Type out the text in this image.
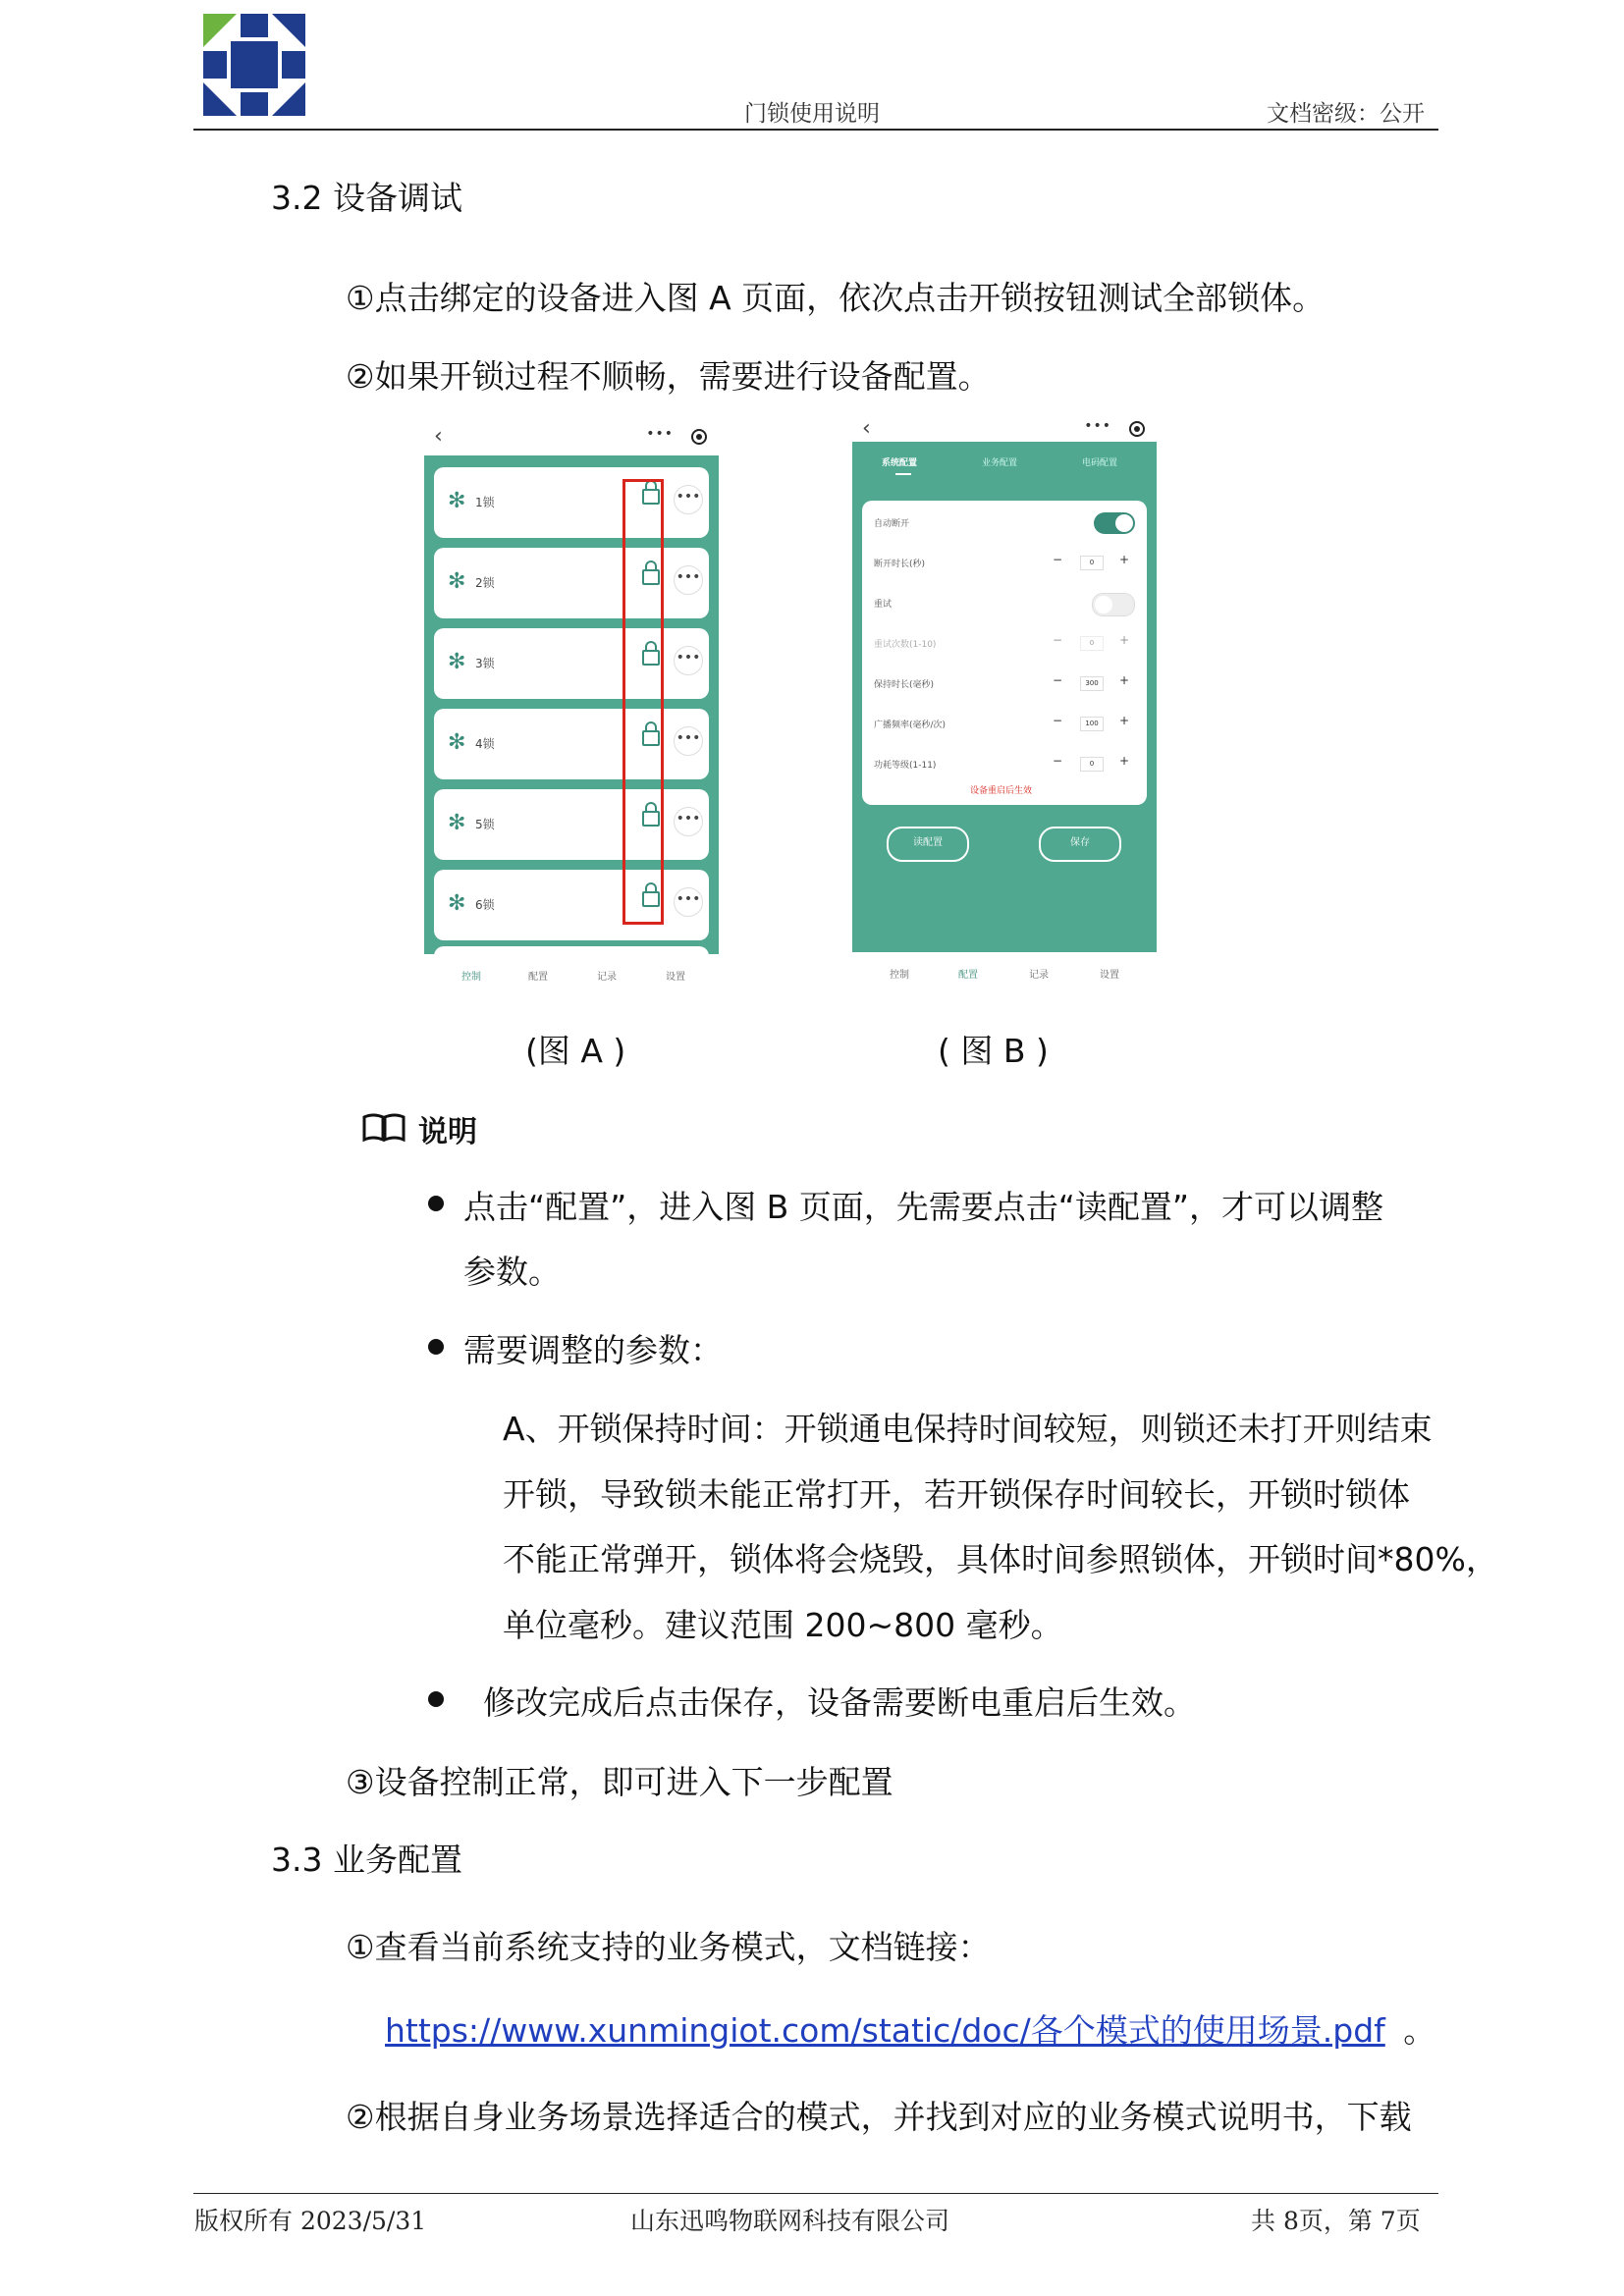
门锁使用说明	文档密级：公开
3.2 设备调试
①点击绑定的设备进入图 A 页面，依次点击开锁按钮测试全部锁体。
②如果开锁过程不顺畅，需要进行设备配置。
‹	•••
✻ 1锁	•••
✻ 2锁	•••
✻ 3锁	•••
✻ 4锁	•••
✻ 5锁	•••
✻ 6锁	•••
控制	配置	记录	设置
‹	•••
系统配置	业务配置	电码配置
自动断开
断开时长(秒)	−	0	+
重试
重试次数(1-10)	−	0	+
保持时长(毫秒)	−	300	+
广播频率(毫秒/次)	−	100	+
功耗等级(1-11)	−	0	+
设备重启后生效
读配置	保存
控制	配置	记录	设置
(图 A )	( 图 B )
说明
点击“配置”，进入图 B 页面，先需要点击“读配置”，才可以调整
参数。
需要调整的参数：
A、开锁保持时间：开锁通电保持时间较短，则锁还未打开则结束
开锁，导致锁未能正常打开，若开锁保存时间较长，开锁时锁体
不能正常弹开，锁体将会烧毁，具体时间参照锁体，开锁时间*80%，
单位毫秒。建议范围 200~800 毫秒。
修改完成后点击保存，设备需要断电重启后生效。
③设备控制正常，即可进入下一步配置
3.3 业务配置
①查看当前系统支持的业务模式，文档链接：
https://www.xunmingiot.com/static/doc/各个模式的使用场景.pdf 。
②根据自身业务场景选择适合的模式，并找到对应的业务模式说明书，下载
版权所有 2023/5/31	山东迅鸣物联网科技有限公司	共 8页，第 7页
